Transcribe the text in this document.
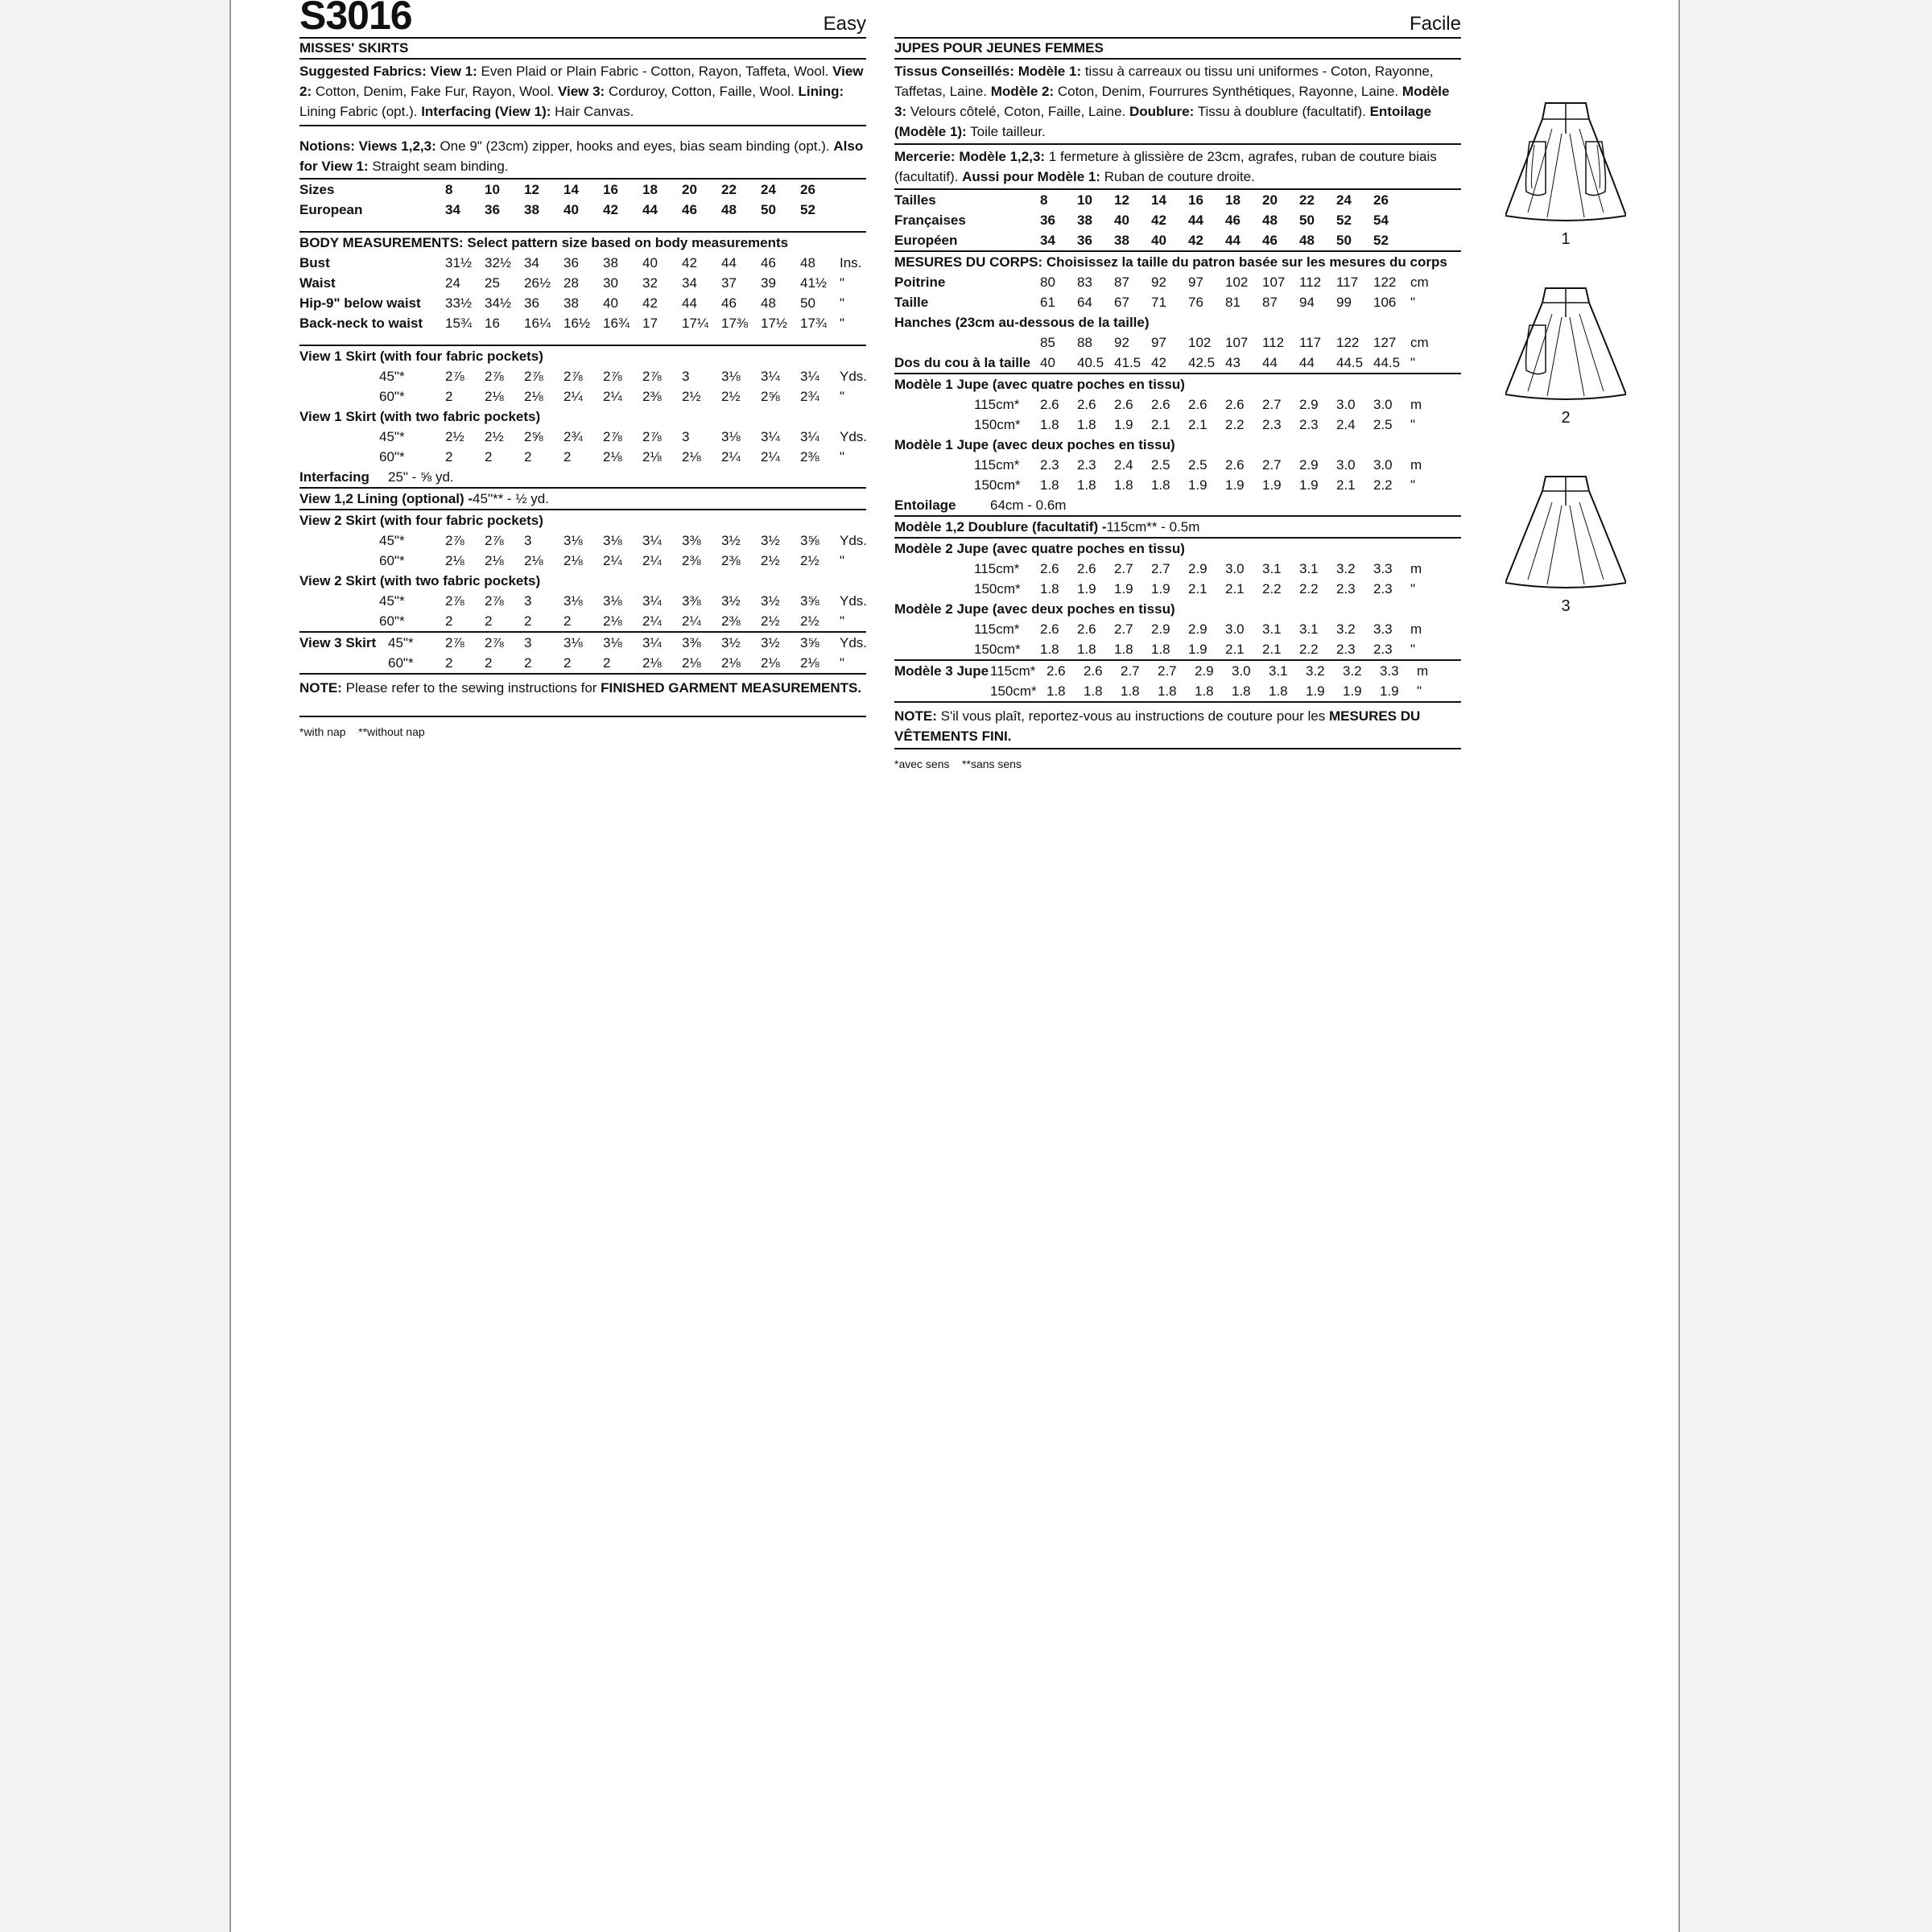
S3016	Easy
MISSES' SKIRTS
Suggested Fabrics: View 1: Even Plaid or Plain Fabric - Cotton, Rayon, Taffeta, Wool. View 2: Cotton, Denim, Fake Fur, Rayon, Wool. View 3: Corduroy, Cotton, Faille, Wool. Lining: Lining Fabric (opt.). Interfacing (View 1): Hair Canvas.
Notions: Views 1,2,3: One 9" (23cm) zipper, hooks and eyes, bias seam binding (opt.). Also for View 1: Straight seam binding.
Sizes	8 10 12 14 16 18 20 22 24 26
European	34 36 38 40 42 44 46 48 50 52
BODY MEASUREMENTS: Select pattern size based on body measurements
Bust	31½ 32½ 34 36 38 40 42 44 46 48	Ins.
Waist	24 25 26½ 28 30 32 34 37 39 41½ "
Hip-9" below waist	33½ 34½ 36 38 40 42 44 46 48 50	"
Back-neck to waist	15¾ 16 16¼ 16½ 16¾ 17 17¼ 17⅜ 17½ 17¾ "
View 1 Skirt (with four fabric pockets)
45"*	2⅞ 2⅞ 2⅞ 2⅞ 2⅞ 2⅞ 3 3⅛ 3¼ 3¼	Yds.
60"*	2 2⅛ 2⅛ 2¼ 2¼ 2⅜ 2½ 2½ 2⅝ 2¾	"
View 1 Skirt (with two fabric pockets)
45"*	2½ 2½ 2⅝ 2¾ 2⅞ 2⅞ 3 3⅛ 3¼ 3¼	Yds.
60"*	2 2 2 2 2⅛ 2⅛ 2⅛ 2¼ 2¼ 2⅜	"
Interfacing	25" - ⅝ yd.
View 1,2 Lining (optional) - 45"** - ½ yd.
View 2 Skirt (with four fabric pockets)
45"*	2⅞ 2⅞ 3 3⅛ 3⅛ 3¼ 3⅜ 3½ 3½ 3⅝	Yds.
60"*	2⅛ 2⅛ 2⅛ 2⅛ 2¼ 2¼ 2⅜ 2⅜ 2½ 2½	"
View 2 Skirt (with two fabric pockets)
45"*	2⅞ 2⅞ 3 3⅛ 3⅛ 3¼ 3⅜ 3½ 3½ 3⅝	Yds.
60"*	2 2 2 2 2⅛ 2¼ 2¼ 2⅜ 2½ 2½	"
View 3 Skirt 45"*	2⅞ 2⅞ 3 3⅛ 3⅛ 3¼ 3⅜ 3½ 3½ 3⅝	Yds.
60"*	2 2 2 2 2 2⅛ 2⅛ 2⅛ 2⅛ 2⅛	"
NOTE: Please refer to the sewing instructions for FINISHED GARMENT MEASUREMENTS.
*with nap    **without nap
Facile
JUPES POUR JEUNES FEMMES
Tissus Conseillés: Modèle 1: tissu à carreaux ou tissu uni uniformes - Coton, Rayonne, Taffetas, Laine. Modèle 2: Coton, Denim, Fourrures Synthétiques, Rayonne, Laine. Modèle 3: Velours côtelé, Coton, Faille, Laine. Doublure: Tissu à doublure (facultatif). Entoilage (Modèle 1): Toile tailleur.
Mercerie: Modèle 1,2,3: 1 fermeture à glissière de 23cm, agrafes, ruban de couture biais (facultatif). Aussi pour Modèle 1: Ruban de couture droite.
Tailles	8 10 12 14 16 18 20 22 24 26
Françaises	36 38 40 42 44 46 48 50 52 54
Européen	34 36 38 40 42 44 46 48 50 52
MESURES DU CORPS: Choisissez la taille du patron basée sur les mesures du corps
Poitrine	80 83 87 92 97 102 107 112 117 122	cm
Taille	61 64 67 71 76 81 87 94 99 106	"
Hanches (23cm au-dessous de la taille)
85 88 92 97 102 107 112 117 122 127	cm
Dos du cou à la taille 40 40.5 41.5 42 42.5 43 44 44 44.5 44.5 "
Modèle 1 Jupe (avec quatre poches en tissu)
115cm*	2.6 2.6 2.6 2.6 2.6 2.6 2.7 2.9 3.0 3.0	m
150cm*	1.8 1.8 1.9 2.1 2.1 2.2 2.3 2.3 2.4 2.5	"
Modèle 1 Jupe (avec deux poches en tissu)
115cm*	2.3 2.3 2.4 2.5 2.5 2.6 2.7 2.9 3.0 3.0	m
150cm*	1.8 1.8 1.8 1.8 1.9 1.9 1.9 1.9 2.1 2.2	"
Entoilage	64cm - 0.6m
Modèle 1,2 Doublure (facultatif) - 115cm** - 0.5m
Modèle 2 Jupe (avec quatre poches en tissu)
115cm*	2.6 2.6 2.7 2.7 2.9 3.0 3.1 3.1 3.2 3.3	m
150cm*	1.8 1.9 1.9 1.9 2.1 2.1 2.2 2.2 2.3 2.3	"
Modèle 2 Jupe (avec deux poches en tissu)
115cm*	2.6 2.6 2.7 2.9 2.9 3.0 3.1 3.1 3.2 3.3	m
150cm*	1.8 1.8 1.8 1.8 1.9 2.1 2.1 2.2 2.3 2.3	"
Modèle 3 Jupe 115cm* 2.6 2.6 2.7 2.7 2.9 3.0 3.1 3.2 3.2 3.3	m
150cm* 1.8 1.8 1.8 1.8 1.8 1.8 1.8 1.9 1.9 1.9	"
NOTE: S'il vous plaît, reportez-vous au instructions de couture pour les MESURES DU VÊTEMENTS FINI.
*avec sens    **sans sens
1
2
3
